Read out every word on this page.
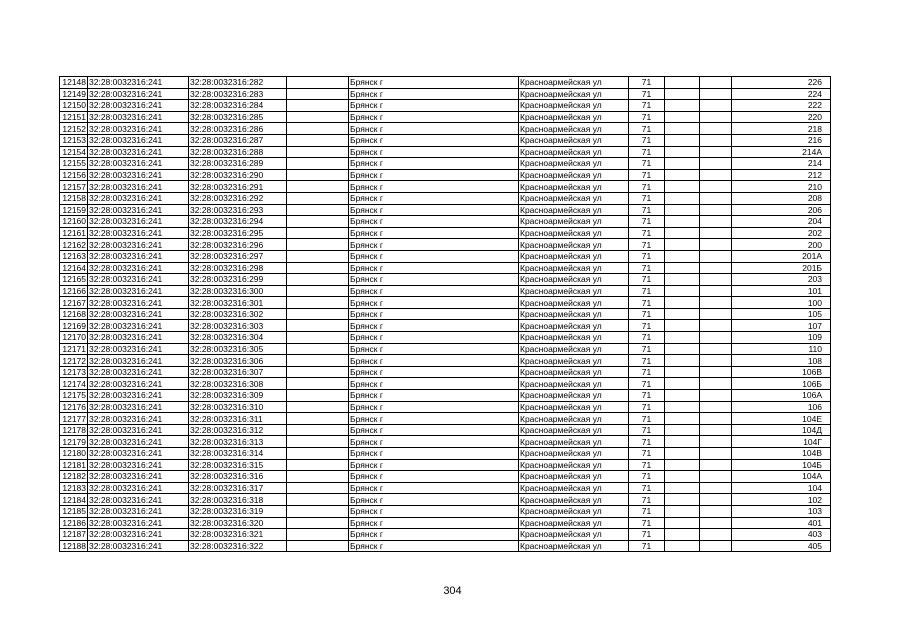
12148	32:28:0032316:241	32:28:0032316:282		Брянск г	Красноармейская ул	71			226
12149	32:28:0032316:241	32:28:0032316:283		Брянск г	Красноармейская ул	71			224
12150	32:28:0032316:241	32:28:0032316:284		Брянск г	Красноармейская ул	71			222
12151	32:28:0032316:241	32:28:0032316:285		Брянск г	Красноармейская ул	71			220
12152	32:28:0032316:241	32:28:0032316:286		Брянск г	Красноармейская ул	71			218
12153	32:28:0032316:241	32:28:0032316:287		Брянск г	Красноармейская ул	71			216
12154	32:28:0032316:241	32:28:0032316:288		Брянск г	Красноармейская ул	71			214А
12155	32:28:0032316:241	32:28:0032316:289		Брянск г	Красноармейская ул	71			214
12156	32:28:0032316:241	32:28:0032316:290		Брянск г	Красноармейская ул	71			212
12157	32:28:0032316:241	32:28:0032316:291		Брянск г	Красноармейская ул	71			210
12158	32:28:0032316:241	32:28:0032316:292		Брянск г	Красноармейская ул	71			208
12159	32:28:0032316:241	32:28:0032316:293		Брянск г	Красноармейская ул	71			206
12160	32:28:0032316:241	32:28:0032316:294		Брянск г	Красноармейская ул	71			204
12161	32:28:0032316:241	32:28:0032316:295		Брянск г	Красноармейская ул	71			202
12162	32:28:0032316:241	32:28:0032316:296		Брянск г	Красноармейская ул	71			200
12163	32:28:0032316:241	32:28:0032316:297		Брянск г	Красноармейская ул	71			201А
12164	32:28:0032316:241	32:28:0032316:298		Брянск г	Красноармейская ул	71			201Б
12165	32:28:0032316:241	32:28:0032316:299		Брянск г	Красноармейская ул	71			203
12166	32:28:0032316:241	32:28:0032316:300		Брянск г	Красноармейская ул	71			101
12167	32:28:0032316:241	32:28:0032316:301		Брянск г	Красноармейская ул	71			100
12168	32:28:0032316:241	32:28:0032316:302		Брянск г	Красноармейская ул	71			105
12169	32:28:0032316:241	32:28:0032316:303		Брянск г	Красноармейская ул	71			107
12170	32:28:0032316:241	32:28:0032316:304		Брянск г	Красноармейская ул	71			109
12171	32:28:0032316:241	32:28:0032316:305		Брянск г	Красноармейская ул	71			110
12172	32:28:0032316:241	32:28:0032316:306		Брянск г	Красноармейская ул	71			108
12173	32:28:0032316:241	32:28:0032316:307		Брянск г	Красноармейская ул	71			106В
12174	32:28:0032316:241	32:28:0032316:308		Брянск г	Красноармейская ул	71			106Б
12175	32:28:0032316:241	32:28:0032316:309		Брянск г	Красноармейская ул	71			106А
12176	32:28:0032316:241	32:28:0032316:310		Брянск г	Красноармейская ул	71			106
12177	32:28:0032316:241	32:28:0032316:311		Брянск г	Красноармейская ул	71			104Е
12178	32:28:0032316:241	32:28:0032316:312		Брянск г	Красноармейская ул	71			104Д
12179	32:28:0032316:241	32:28:0032316:313		Брянск г	Красноармейская ул	71			104Г
12180	32:28:0032316:241	32:28:0032316:314		Брянск г	Красноармейская ул	71			104В
12181	32:28:0032316:241	32:28:0032316:315		Брянск г	Красноармейская ул	71			104Б
12182	32:28:0032316:241	32:28:0032316:316		Брянск г	Красноармейская ул	71			104А
12183	32:28:0032316:241	32:28:0032316:317		Брянск г	Красноармейская ул	71			104
12184	32:28:0032316:241	32:28:0032316:318		Брянск г	Красноармейская ул	71			102
12185	32:28:0032316:241	32:28:0032316:319		Брянск г	Красноармейская ул	71			103
12186	32:28:0032316:241	32:28:0032316:320		Брянск г	Красноармейская ул	71			401
12187	32:28:0032316:241	32:28:0032316:321		Брянск г	Красноармейская ул	71			403
12188	32:28:0032316:241	32:28:0032316:322		Брянск г	Красноармейская ул	71			405
304
